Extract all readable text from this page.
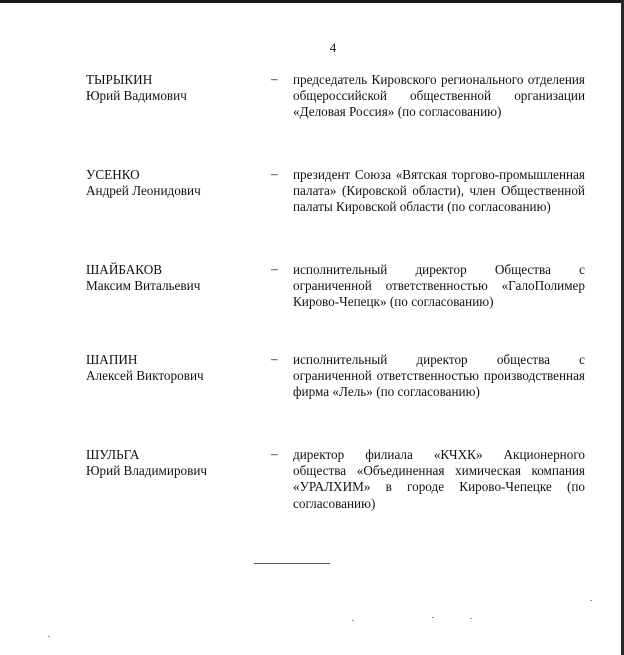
4
ТЫРЫКИН
Юрий Вадимович
– председатель Кировского регионального отделения общероссийской общественной организации «Деловая Россия» (по согласованию)
УСЕНКО
Андрей Леонидович
– президент Союза «Вятская торгово-промышленная палата» (Кировской области), член Общественной палаты Кировской области (по согласованию)
ШАЙБАКОВ
Максим Витальевич
– исполнительный директор Общества с ограниченной ответственностью «ГалоПолимер Кирово-Чепецк» (по согласованию)
ШАПИН
Алексей Викторович
– исполнительный директор общества с ограниченной ответственностью производственная фирма «Лель» (по согласованию)
ШУЛЬГА
Юрий Владимирович
– директор филиала «КЧХК» Акционерного общества «Объединенная химическая компания «УРАЛХИМ» в городе Кирово-Чепецке (по согласованию)
